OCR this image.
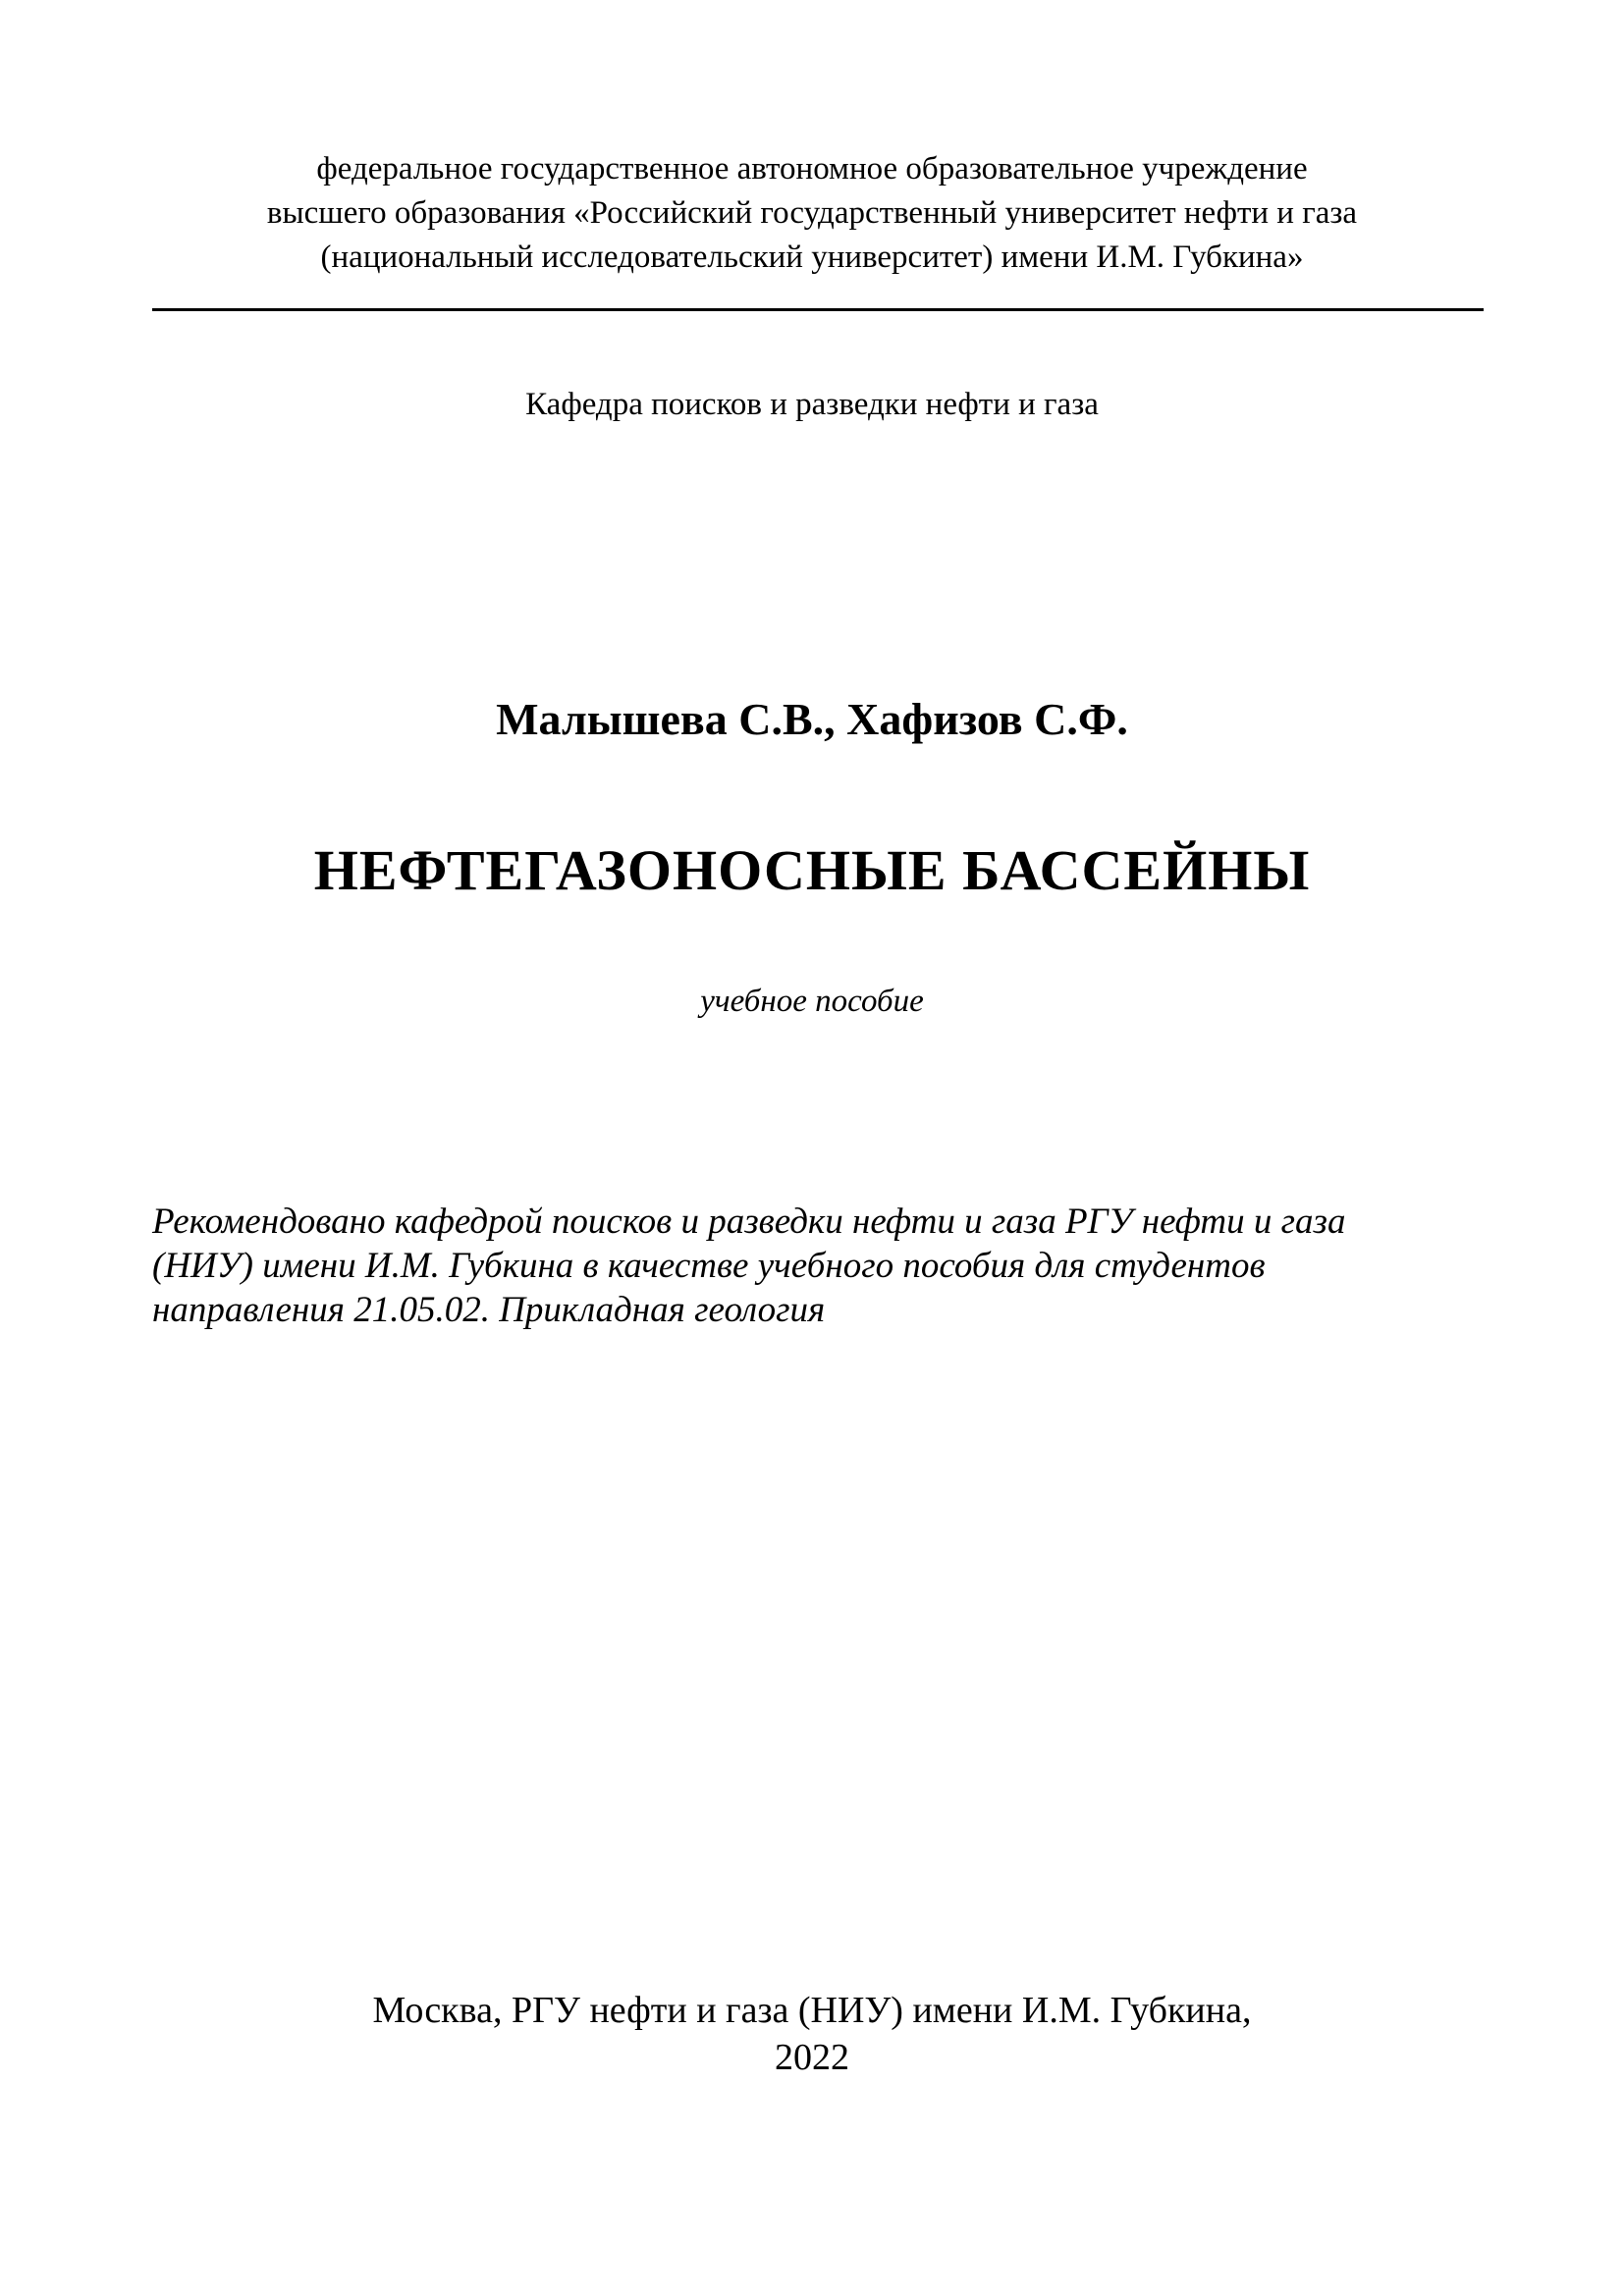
федеральное государственное автономное образовательное учреждение
высшего образования «Российский государственный университет нефти и газа
(национальный исследовательский университет) имени И.М. Губкина»
Кафедра поисков и разведки нефти и газа
Малышева С.В., Хафизов С.Ф.
НЕФТЕГАЗОНОСНЫЕ БАССЕЙНЫ
учебное пособие
Рекомендовано кафедрой поисков и разведки нефти и газа РГУ нефти и газа
(НИУ) имени И.М. Губкина в качестве учебного пособия для студентов
направления 21.05.02. Прикладная геология
Москва, РГУ нефти и газа (НИУ) имени И.М. Губкина,
2022
